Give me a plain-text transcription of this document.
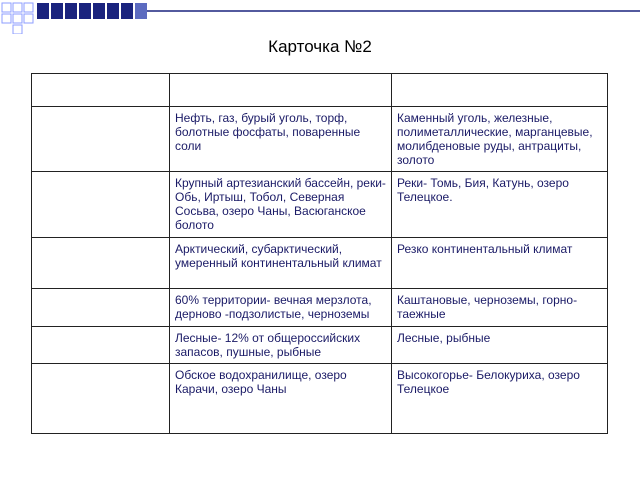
Карточка №2

	Нефть, газ, бурый уголь, торф, болотные фосфаты, поваренные соли	Каменный уголь, железные, полиметаллические, марганцевые, молибденовые руды, антрациты, золото
	Крупный артезианский бассейн, реки- Обь, Иртыш, Тобол, Северная Сосьва, озеро Чаны, Васюганское болото	Реки- Томь, Бия, Катунь, озеро Телецкое.
	Арктический, субарктический, умеренный континентальный климат	Резко континентальный климат
	60% территории- вечная мерзлота, дерново -подзолистые, черноземы	Каштановые, черноземы, горно-таежные
	Лесные- 12% от общероссийских запасов, пушные, рыбные	Лесные, рыбные
	Обское водохранилище, озеро Карачи, озеро Чаны	Высокогорье- Белокуриха, озеро Телецкое
